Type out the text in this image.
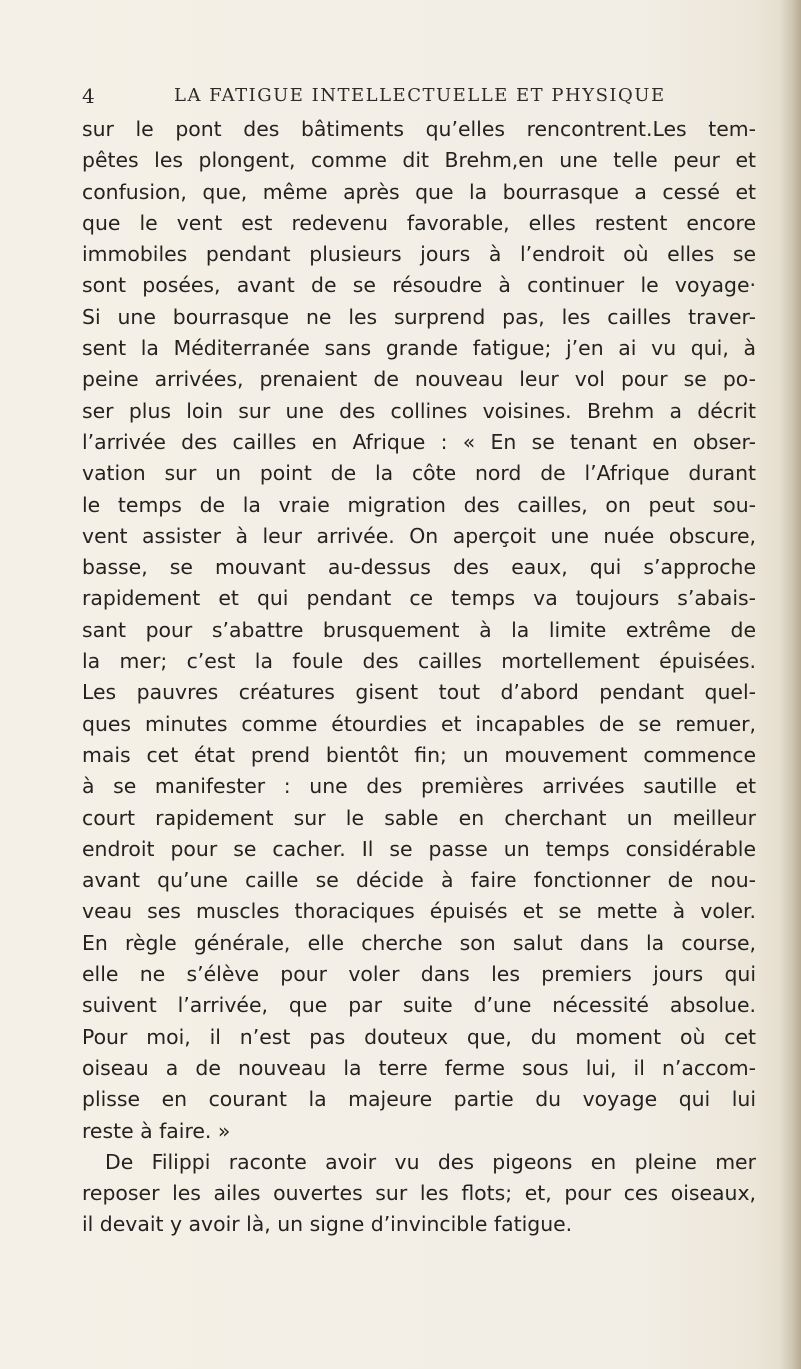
4	LA FATIGUE INTELLECTUELLE ET PHYSIQUE
sur le pont des bâtiments qu’elles rencontrent.Les tem-
pêtes les plongent, comme dit Brehm,en une telle peur et
confusion, que, même après que la bourrasque a cessé et
que le vent est redevenu favorable, elles restent encore
immobiles pendant plusieurs jours à l’endroit où elles se
sont posées, avant de se résoudre à continuer le voyage·
Si une bourrasque ne les surprend pas, les cailles traver-
sent la Méditerranée sans grande fatigue; j’en ai vu qui, à
peine arrivées, prenaient de nouveau leur vol pour se po-
ser plus loin sur une des collines voisines. Brehm a décrit
l’arrivée des cailles en Afrique : « En se tenant en obser-
vation sur un point de la côte nord de l’Afrique durant
le temps de la vraie migration des cailles, on peut sou-
vent assister à leur arrivée. On aperçoit une nuée obscure,
basse, se mouvant au-dessus des eaux, qui s’approche
rapidement et qui pendant ce temps va toujours s’abais-
sant pour s’abattre brusquement à la limite extrême de
la mer; c’est la foule des cailles mortellement épuisées.
Les pauvres créatures gisent tout d’abord pendant quel-
ques minutes comme étourdies et incapables de se remuer,
mais cet état prend bientôt fin; un mouvement commence
à se manifester : une des premières arrivées sautille et
court rapidement sur le sable en cherchant un meilleur
endroit pour se cacher. Il se passe un temps considérable
avant qu’une caille se décide à faire fonctionner de nou-
veau ses muscles thoraciques épuisés et se mette à voler.
En règle générale, elle cherche son salut dans la course,
elle ne s’élève pour voler dans les premiers jours qui
suivent l’arrivée, que par suite d’une nécessité absolue.
Pour moi, il n’est pas douteux que, du moment où cet
oiseau a de nouveau la terre ferme sous lui, il n’accom-
plisse en courant la majeure partie du voyage qui lui
reste à faire. »
De Filippi raconte avoir vu des pigeons en pleine mer
reposer les ailes ouvertes sur les flots; et, pour ces oiseaux,
il devait y avoir là, un signe d’invincible fatigue.
